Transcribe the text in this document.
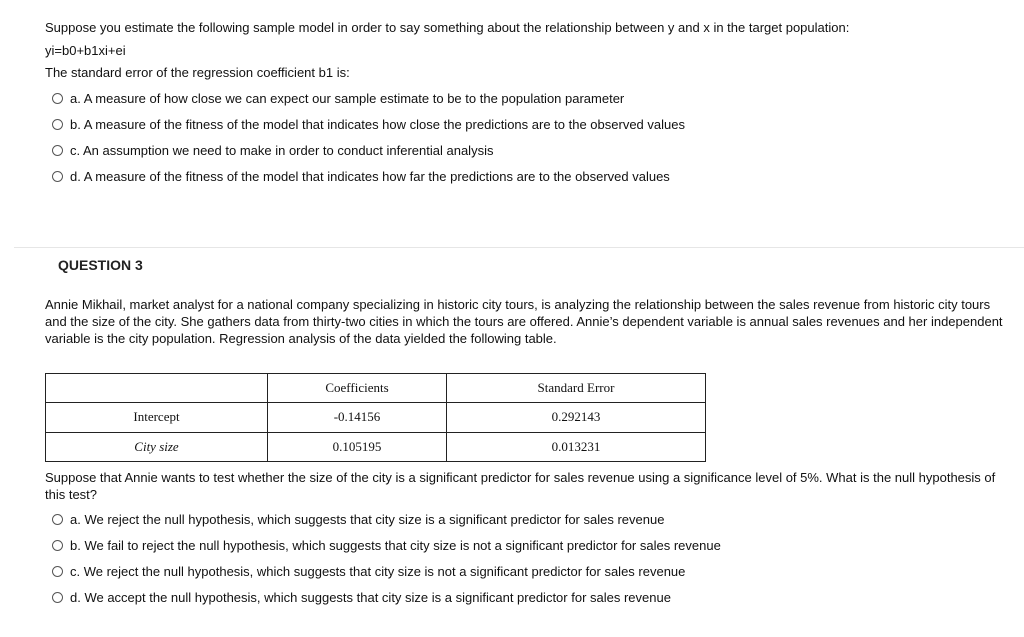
Suppose you estimate the following sample model in order to say something about the relationship between y and x in the target population:
yi=b0+b1xi+ei
The standard error of the regression coefficient b1 is:
a. A measure of how close we can expect our sample estimate to be to the population parameter
b. A measure of the fitness of the model that indicates how close the predictions are to the observed values
c. An assumption we need to make in order to conduct inferential analysis
d. A measure of the fitness of the model that indicates how far the predictions are to the observed values
QUESTION 3
Annie Mikhail, market analyst for a national company specializing in historic city tours, is analyzing the relationship between the sales revenue from historic city tours and the size of the city. She gathers data from thirty-two cities in which the tours are offered. Annie’s dependent variable is annual sales revenues and her independent variable is the city population. Regression analysis of the data yielded the following table.
	Coefficients	Standard Error
Intercept	-0.14156	0.292143
City size	0.105195	0.013231
Suppose that Annie wants to test whether the size of the city is a significant predictor for sales revenue using a significance level of 5%. What is the null hypothesis of this test?
a. We reject the null hypothesis, which suggests that city size is a significant predictor for sales revenue
b. We fail to reject the null hypothesis, which suggests that city size is not a significant predictor for sales revenue
c. We reject the null hypothesis, which suggests that city size is not a significant predictor for sales revenue
d. We accept the null hypothesis, which suggests that city size is a significant predictor for sales revenue
